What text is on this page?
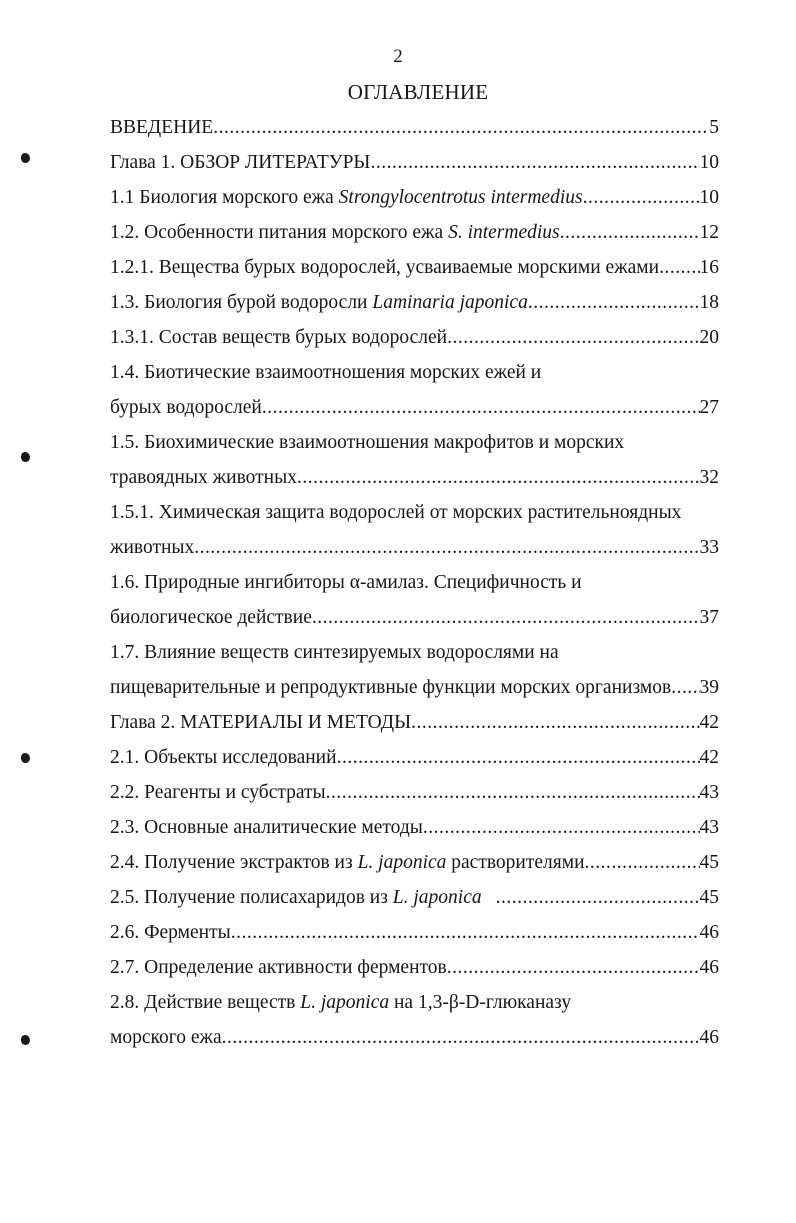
2
ОГЛАВЛЕНИЕ
ВВЕДЕНИЕ .....	5
Глава 1. ОБЗОР ЛИТЕРАТУРЫ .....	10
1.1 Биология морского ежа Strongylocentrotus intermedius .....	10
1.2. Особенности питания морского ежа S. intermedius .....	12
1.2.1. Вещества бурых водорослей, усваиваемые морскими ежами ..... 16
1.3. Биология бурой водоросли Laminaria japonica .....	18
1.3.1. Состав веществ бурых водорослей .....	20
1.4. Биотические взаимоотношения морских ежей и
бурых водорослей .....	27
1.5. Биохимические взаимоотношения макрофитов и морских
травоядных животных .....	32
1.5.1. Химическая защита водорослей от морских растительноядных
животных .....	33
1.6. Природные ингибиторы α-амилаз. Специфичность и
биологическое действие .....	37
1.7. Влияние веществ синтезируемых водорослями на
пищеварительные и репродуктивные функции морских организмов ..... 39
Глава 2. МАТЕРИАЛЫ И МЕТОДЫ .....	42
2.1. Объекты исследований .....	42
2.2. Реагенты и субстраты .....	43
2.3. Основные аналитические методы .....	43
2.4. Получение экстрактов из L. japonica растворителями .....	45
2.5. Получение полисахаридов из L. japonica .....	45
2.6. Ферменты .....	46
2.7. Определение активности ферментов .....	46
2.8. Действие веществ L. japonica на 1,3-β-D-глюканазу
морского ежа .....	46
